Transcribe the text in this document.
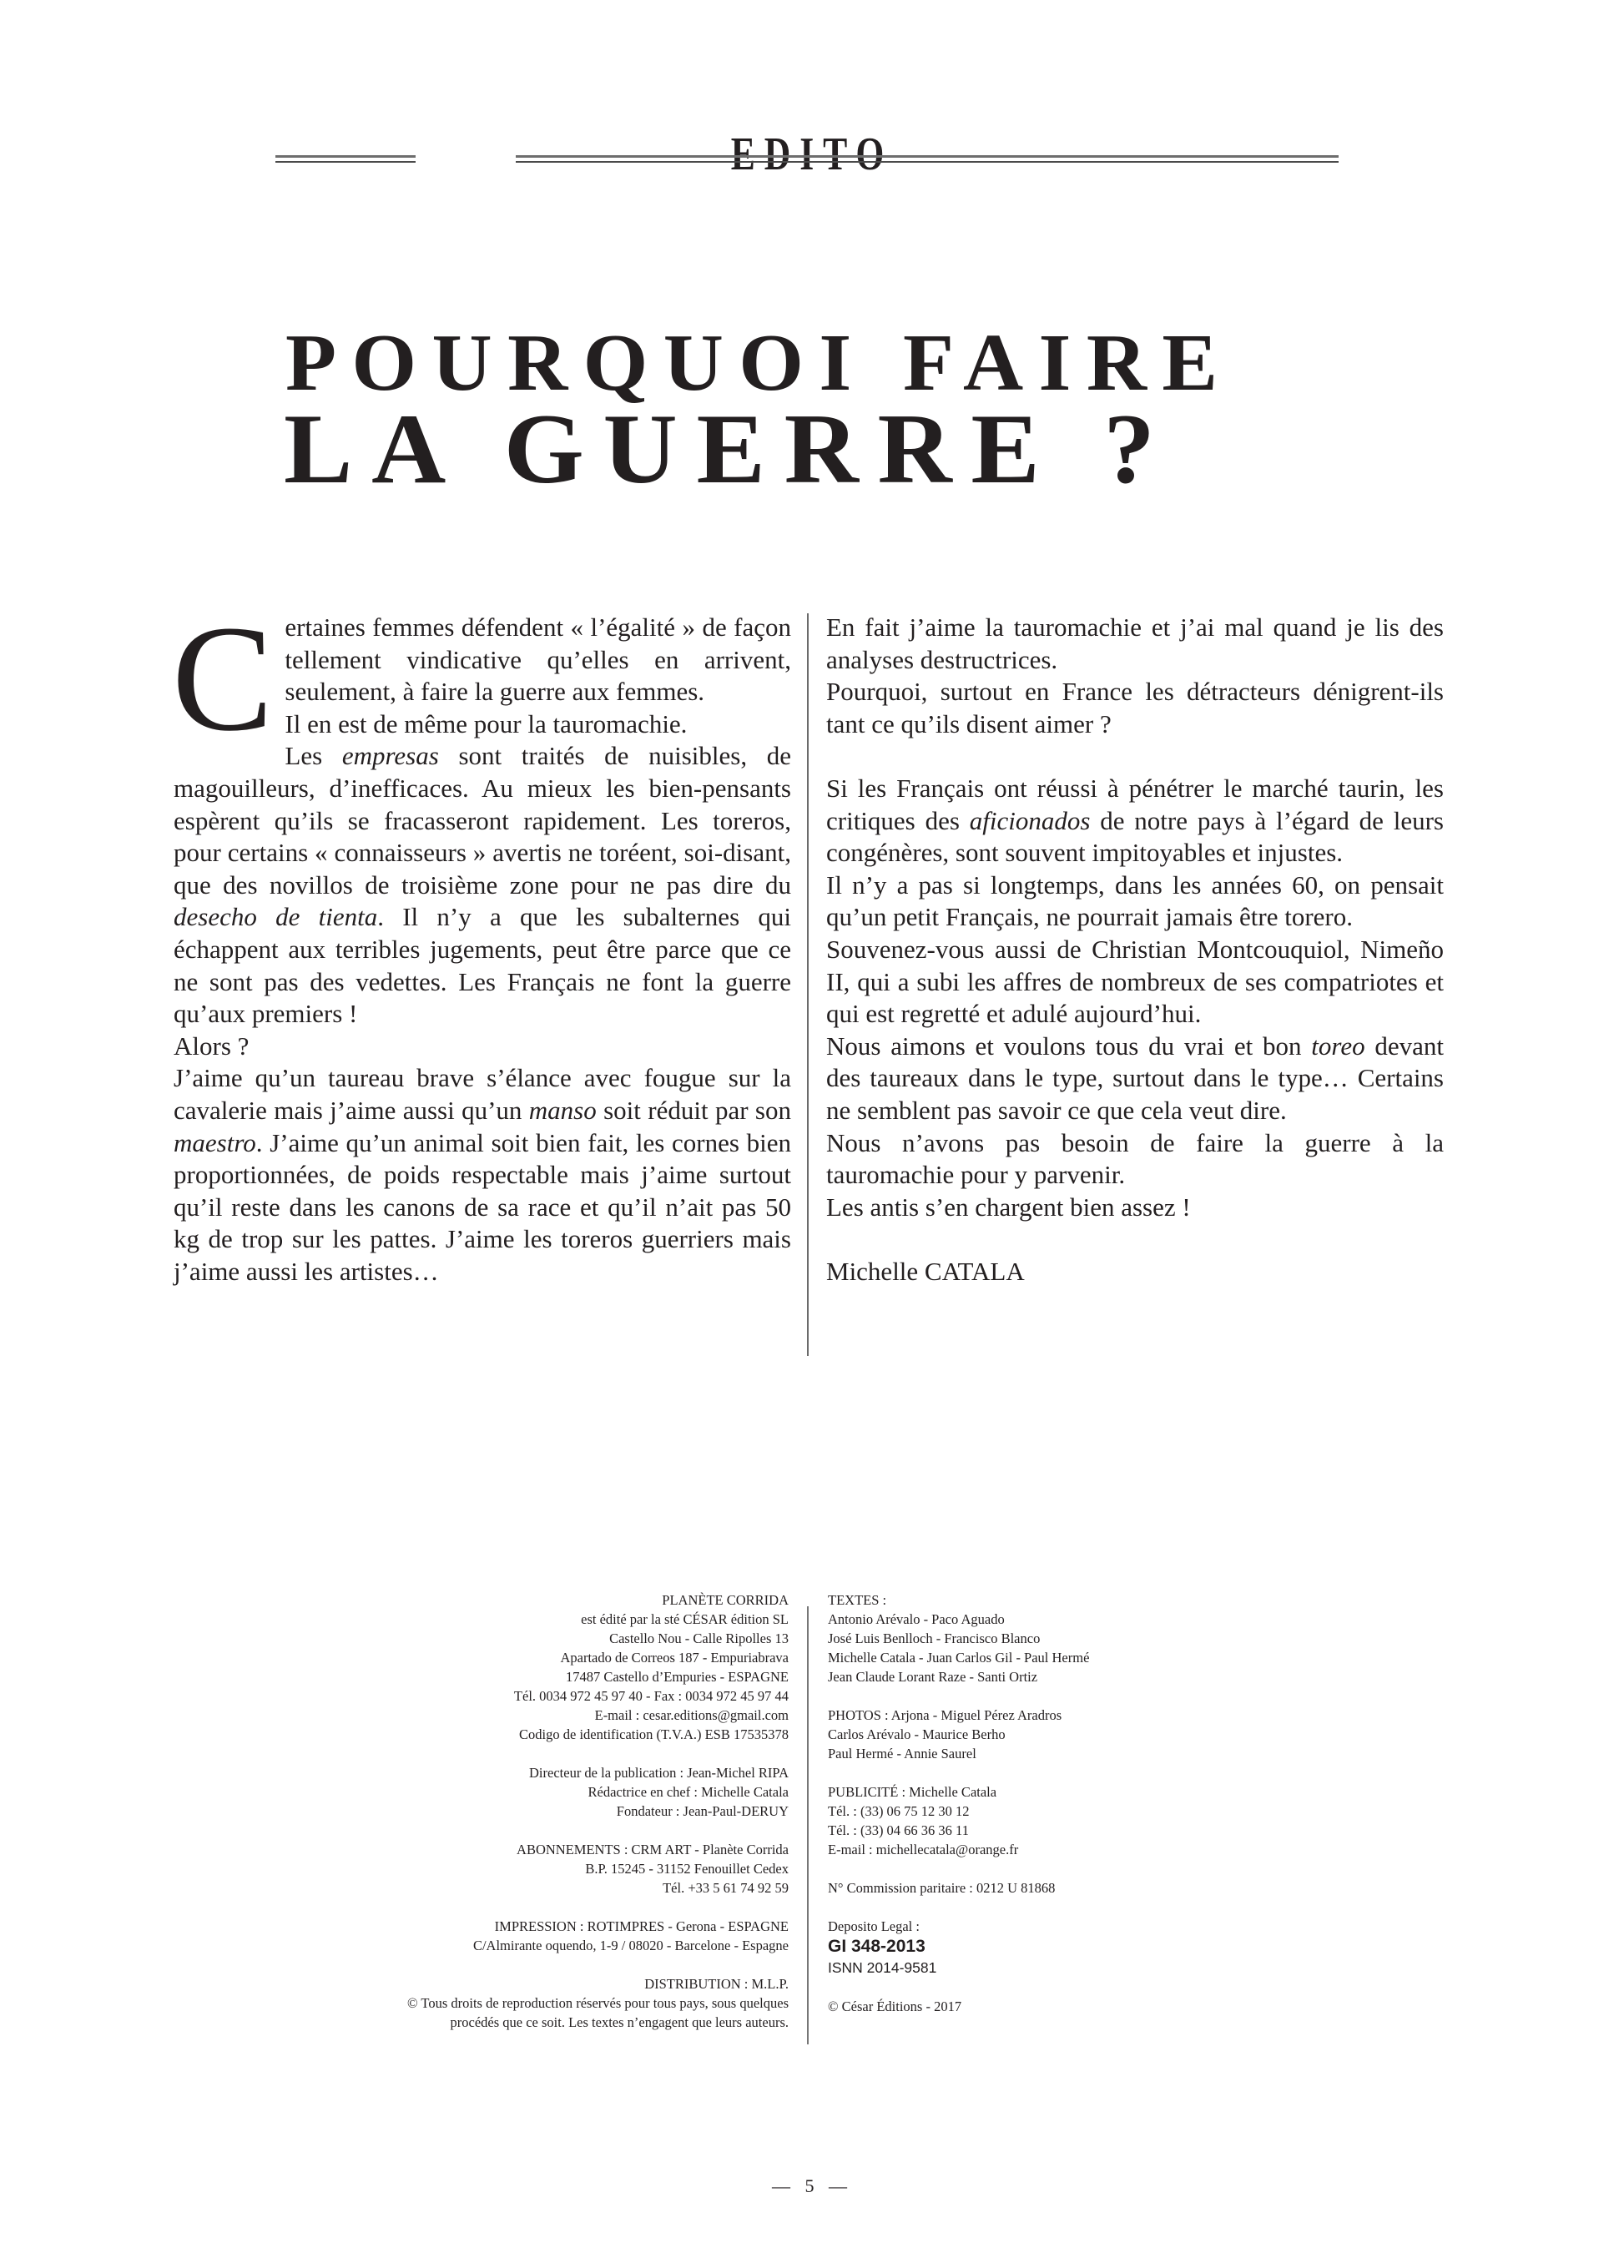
EDITO
POURQUOI FAIRE
LA GUERRE ?

Certaines femmes défendent « l’égalité » de façon tellement vindicative qu’elles en arrivent, seulement, à faire la guerre aux femmes.

Il en est de même pour la tauromachie.

Les empresas sont traités de nuisibles, de magouilleurs, d’inefficaces. Au mieux les bien-pensants espèrent qu’ils se fracasseront rapidement. Les toreros, pour certains « connaisseurs » avertis ne toréent, soi-disant, que des novillos de troisième zone pour ne pas dire du desecho de tienta. Il n’y a que les subalternes qui échappent aux terribles jugements, peut être parce que ce ne sont pas des vedettes. Les Français ne font la guerre qu’aux premiers !

Alors ?

J’aime qu’un taureau brave s’élance avec fougue sur la cavalerie mais j’aime aussi qu’un manso soit réduit par son maestro. J’aime qu’un animal soit bien fait, les cornes bien proportionnées, de poids respectable mais j’aime surtout qu’il reste dans les canons de sa race et qu’il n’ait pas 50 kg de trop sur les pattes. J’aime les toreros guerriers mais j’aime aussi les artistes…

En fait j’aime la tauromachie et j’ai mal quand je lis des analyses destructrices.

Pourquoi, surtout en France les détracteurs dénigrent-ils tant ce qu’ils disent aimer ?

Si les Français ont réussi à pénétrer le marché taurin, les critiques des aficionados de notre pays à l’égard de leurs congénères, sont souvent impitoyables et injustes.

Il n’y a pas si longtemps, dans les années 60, on pensait qu’un petit Français, ne pourrait jamais être torero.

Souvenez-vous aussi de Christian Montcouquiol, Nimeño II, qui a subi les affres de nombreux de ses compatriotes et qui est regretté et adulé aujourd’hui.

Nous aimons et voulons tous du vrai et bon toreo devant des taureaux dans le type, surtout dans le type… Certains ne semblent pas savoir ce que cela veut dire.

Nous n’avons pas besoin de faire la guerre à la tauromachie pour y parvenir.

Les antis s’en chargent bien assez !

Michelle CATALA

PLANÈTE CORRIDA

est édité par la sté CÉSAR édition SL

Castello Nou - Calle Ripolles 13

Apartado de Correos 187 - Empuriabrava

17487 Castello d’Empuries - ESPAGNE

Tél. 0034 972 45 97 40 - Fax : 0034 972 45 97 44

E-mail : cesar.editions@gmail.com

Codigo de identification (T.V.A.) ESB 17535378

Directeur de la publication : Jean-Michel RIPA

Rédactrice en chef : Michelle Catala

Fondateur : Jean-Paul-DERUY

ABONNEMENTS : CRM ART - Planète Corrida

B.P. 15245 - 31152 Fenouillet Cedex

Tél. +33 5 61 74 92 59

IMPRESSION : ROTIMPRES - Gerona - ESPAGNE

C/Almirante oquendo, 1-9 / 08020 - Barcelone - Espagne

DISTRIBUTION : M.L.P.

© Tous droits de reproduction réservés pour tous pays, sous quelques

procédés que ce soit. Les textes n’engagent que leurs auteurs.

TEXTES :

Antonio Arévalo - Paco Aguado

José Luis Benlloch - Francisco Blanco

Michelle Catala - Juan Carlos Gil - Paul Hermé

Jean Claude Lorant Raze - Santi Ortiz

PHOTOS : Arjona - Miguel Pérez Aradros

Carlos Arévalo - Maurice Berho

Paul Hermé - Annie Saurel

PUBLICITÉ : Michelle Catala

Tél. : (33) 06 75 12 30 12

Tél. : (33) 04 66 36 36 11

E-mail : michellecatala@orange.fr

N° Commission paritaire : 0212 U 81868

Deposito Legal :

GI 348-2013

ISNN 2014-9581

© César Éditions - 2017

— 5 —
